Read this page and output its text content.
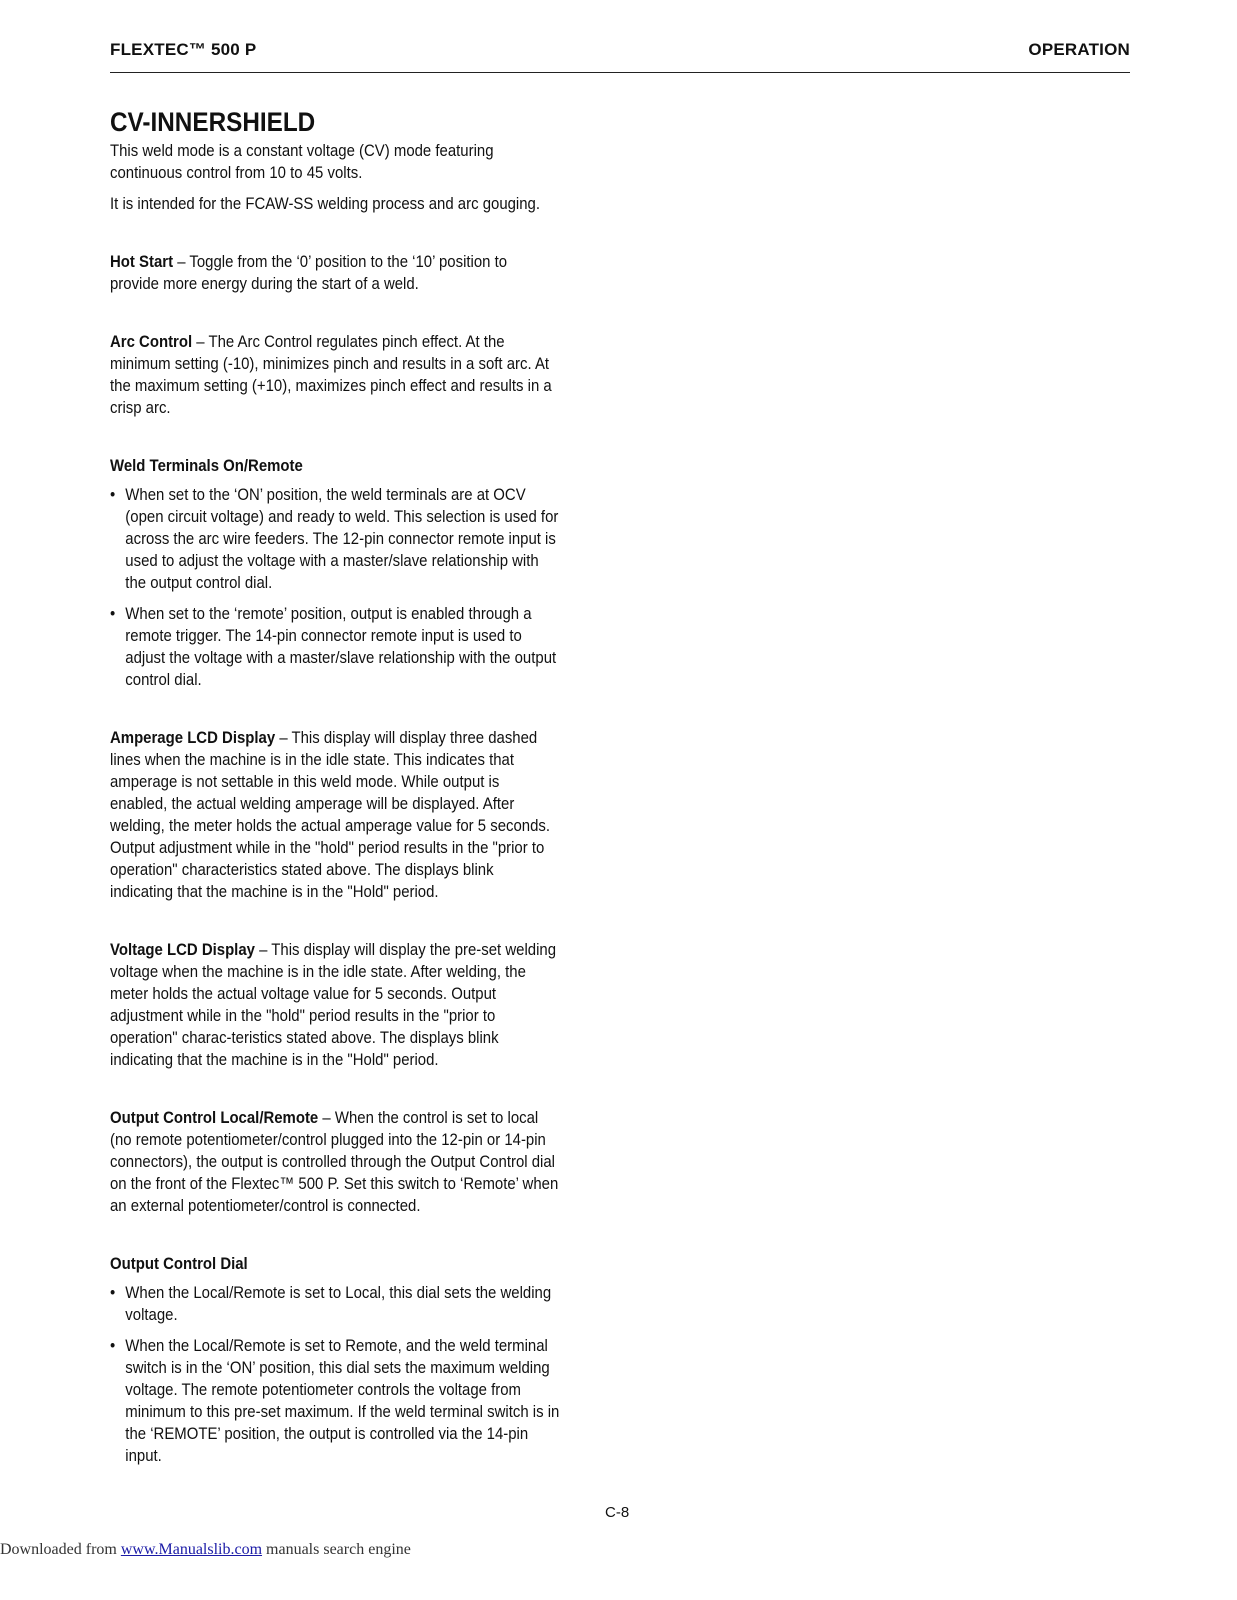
FLEXTEC™ 500 P	OPERATION
CV-INNERSHIELD

This weld mode is a constant voltage (CV) mode featuring continuous control from 10 to 45 volts.

It is intended for the FCAW-SS welding process and arc gouging.

Hot Start – Toggle from the ‘0’ position to the ‘10’ position to provide more energy during the start of a weld.

Arc Control – The Arc Control regulates pinch effect. At the minimum setting (-10), minimizes pinch and results in a soft arc. At the maximum setting (+10), maximizes pinch effect and results in a crisp arc.

Weld Terminals On/Remote
• When set to the ‘ON’ position, the weld terminals are at OCV (open circuit voltage) and ready to weld. This selection is used for across the arc wire feeders. The 12-pin connector remote input is used to adjust the voltage with a master/slave relationship with the output control dial.
• When set to the ‘remote’ position, output is enabled through a remote trigger. The 14-pin connector remote input is used to adjust the voltage with a master/slave relationship with the output control dial.

Amperage LCD Display – This display will display three dashed lines when the machine is in the idle state. This indicates that amperage is not settable in this weld mode. While output is enabled, the actual welding amperage will be displayed. After welding, the meter holds the actual amperage value for 5 seconds. Output adjustment while in the "hold" period results in the "prior to operation" characteristics stated above. The displays blink indicating that the machine is in the "Hold" period.

Voltage LCD Display – This display will display the pre-set welding voltage when the machine is in the idle state. After welding, the meter holds the actual voltage value for 5 seconds. Output adjustment while in the "hold" period results in the "prior to operation" charac-teristics stated above. The displays blink indicating that the machine is in the "Hold" period.

Output Control Local/Remote – When the control is set to local (no remote potentiometer/control plugged into the 12-pin or 14-pin connectors), the output is controlled through the Output Control dial on the front of the Flextec™ 500 P. Set this switch to ‘Remote’ when an external potentiometer/control is connected.

Output Control Dial
• When the Local/Remote is set to Local, this dial sets the welding voltage.
• When the Local/Remote is set to Remote, and the weld terminal switch is in the ‘ON’ position, this dial sets the maximum welding voltage. The remote potentiometer controls the voltage from minimum to this pre-set maximum. If the weld terminal switch is in the ‘REMOTE’ position, the output is controlled via the 14-pin input.
C-8
Downloaded from www.Manualslib.com manuals search engine
